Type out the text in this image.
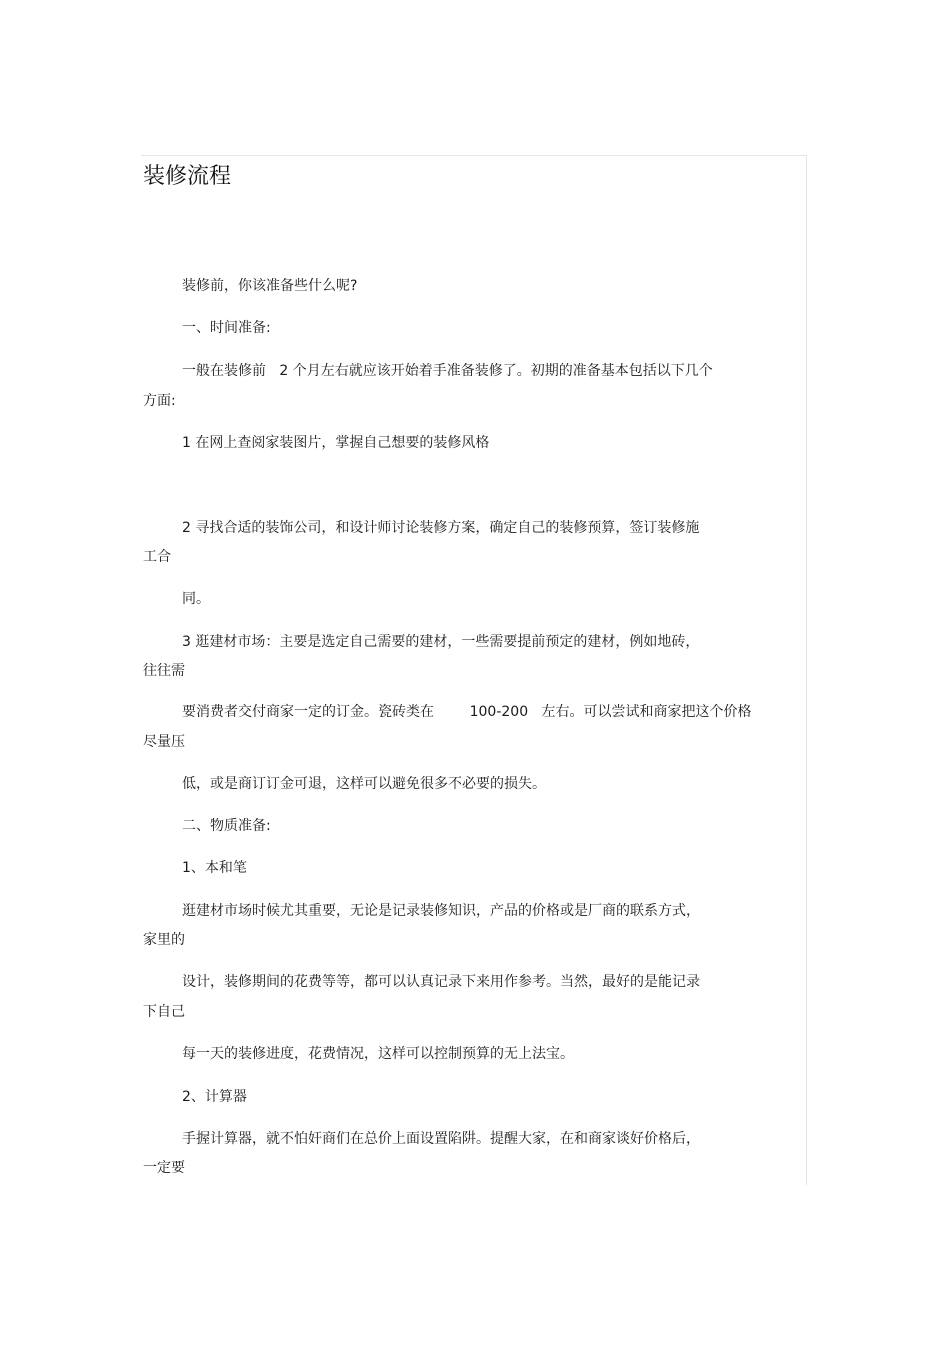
装修流程
装修前，你该准备些什么呢?
一、时间准备:
一般在装修前   2 个月左右就应该开始着手准备装修了。初期的准备基本包括以下几个
方面:
1 在网上查阅家装图片，掌握自己想要的装修风格
2 寻找合适的装饰公司，和设计师讨论装修方案，确定自己的装修预算，签订装修施
工合
同。
3 逛建材市场：主要是选定自己需要的建材，一些需要提前预定的建材，例如地砖，
往往需
要消费者交付商家一定的订金。瓷砖类在        100-200   左右。可以尝试和商家把这个价格
尽量压
低，或是商订订金可退，这样可以避免很多不必要的损失。
二、物质准备:
1、本和笔
逛建材市场时候尤其重要，无论是记录装修知识，产品的价格或是厂商的联系方式，
家里的
设计，装修期间的花费等等，都可以认真记录下来用作参考。当然，最好的是能记录
下自己
每一天的装修进度，花费情况，这样可以控制预算的无上法宝。
2、计算器
手握计算器，就不怕奸商们在总价上面设置陷阱。提醒大家，在和商家谈好价格后，
一定要
